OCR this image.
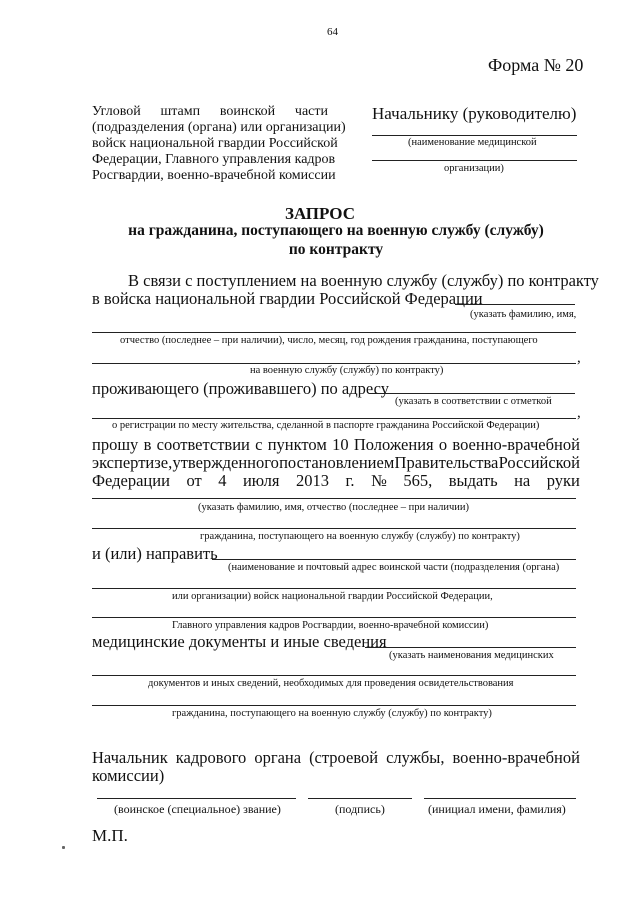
64
Форма № 20
Угловой штамп воинской части
(подразделения (органа) или организации)
войск национальной гвардии Российской
Федерации, Главного управления кадров
Росгвардии, военно-врачебной комиссии
Начальнику (руководителю)
(наименование медицинской
организации)
ЗАПРОС
на гражданина, поступающего на военную службу (службу)
по контракту
В связи с поступлением на военную службу (службу) по контракту
в войска национальной гвардии Российской Федерации
(указать фамилию, имя,
отчество (последнее – при наличии), число, месяц, год рождения гражданина, поступающего
,
на военную службу (службу) по контракту)
проживающего (проживавшего) по адресу
(указать в соответствии с отметкой
,
о регистрации по месту жительства, сделанной в паспорте гражданина Российской Федерации)
прошу в соответствии с пунктом 10 Положения о военно-врачебной
экспертизе, утвержденного постановлением Правительства Российской
Федерации от 4 июля 2013 г. № 565, выдать на руки
(указать фамилию, имя, отчество (последнее – при наличии)
гражданина, поступающего на военную службу (службу) по контракту)
и (или) направить
(наименование и почтовый адрес воинской части (подразделения (органа)
или организации) войск национальной гвардии Российской Федерации,
Главного управления кадров Росгвардии, военно-врачебной комиссии)
медицинские документы и иные сведения
(указать наименования медицинских
документов и иных сведений, необходимых для проведения освидетельствования
гражданина, поступающего на военную службу (службу) по контракту)
Начальник кадрового органа (строевой службы, военно-врачебной
комиссии)
(воинское (специальное) звание)	(подпись)	(инициал имени, фамилия)
М.П.
